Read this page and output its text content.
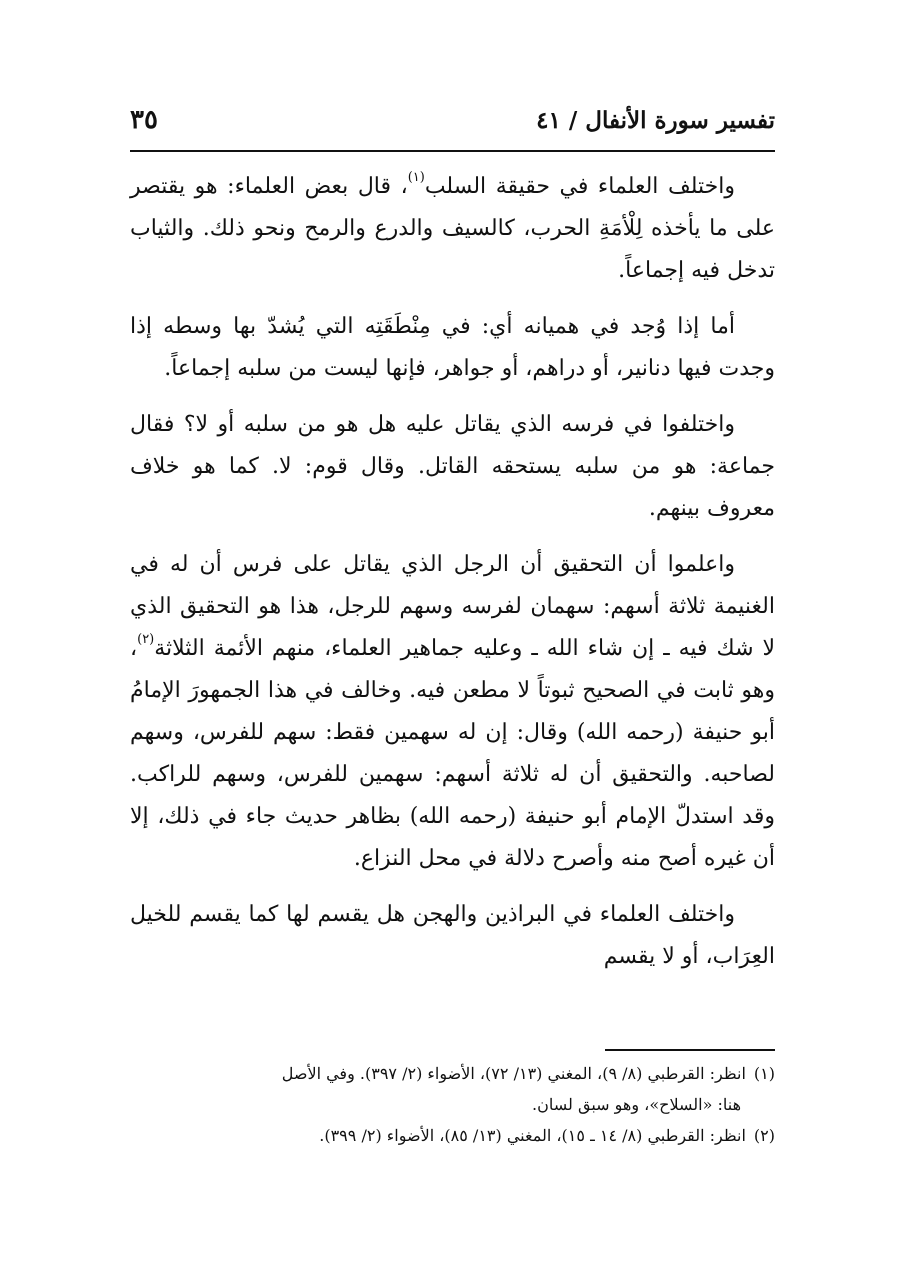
تفسير سورة الأنفال / ٤١
٣٥

واختلف العلماء في حقيقة السلب$^{(١)}$، قال بعض العلماء: هو يقتصر على ما يأخذه لِلْأمَةِ الحرب، كالسيف والدرع والرمح ونحو ذلك. والثياب تدخل فيه إجماعاً.

أما إذا وُجد في هميانه أي: في مِنْطَقَتِه التي يُشدّ بها وسطه إذا وجدت فيها دنانير، أو دراهم، أو جواهر، فإنها ليست من سلبه إجماعاً.

واختلفوا في فرسه الذي يقاتل عليه هل هو من سلبه أو لا؟ فقال جماعة: هو من سلبه يستحقه القاتل. وقال قوم: لا. كما هو خلاف معروف بينهم.

واعلموا أن التحقيق أن الرجل الذي يقاتل على فرس أن له في الغنيمة ثلاثة أسهم: سهمان لفرسه وسهم للرجل، هذا هو التحقيق الذي لا شك فيه ـ إن شاء الله ـ وعليه جماهير العلماء، منهم الأئمة الثلاثة$^{(٢)}$، وهو ثابت في الصحيح ثبوتاً لا مطعن فيه. وخالف في هذا الجمهورَ الإمامُ أبو حنيفة (رحمه الله) وقال: إن له سهمين فقط: سهم للفرس، وسهم لصاحبه. والتحقيق أن له ثلاثة أسهم: سهمين للفرس، وسهم للراكب. وقد استدلّ الإمام أبو حنيفة (رحمه الله) بظاهر حديث جاء في ذلك، إلا أن غيره أصح منه وأصرح دلالة في محل النزاع.

واختلف العلماء في البراذين والهجن هل يقسم لها كما يقسم للخيل العِرَاب، أو لا يقسم

(١)انظر: القرطبي (٨/ ٩)، المغني (١٣/ ٧٢)، الأضواء (٢/ ٣٩٧). وفي الأصل

هنا: «السلاح»، وهو سبق لسان.

(٢)انظر: القرطبي (٨/ ١٤ ـ ١٥)، المغني (١٣/ ٨٥)، الأضواء (٢/ ٣٩٩).
